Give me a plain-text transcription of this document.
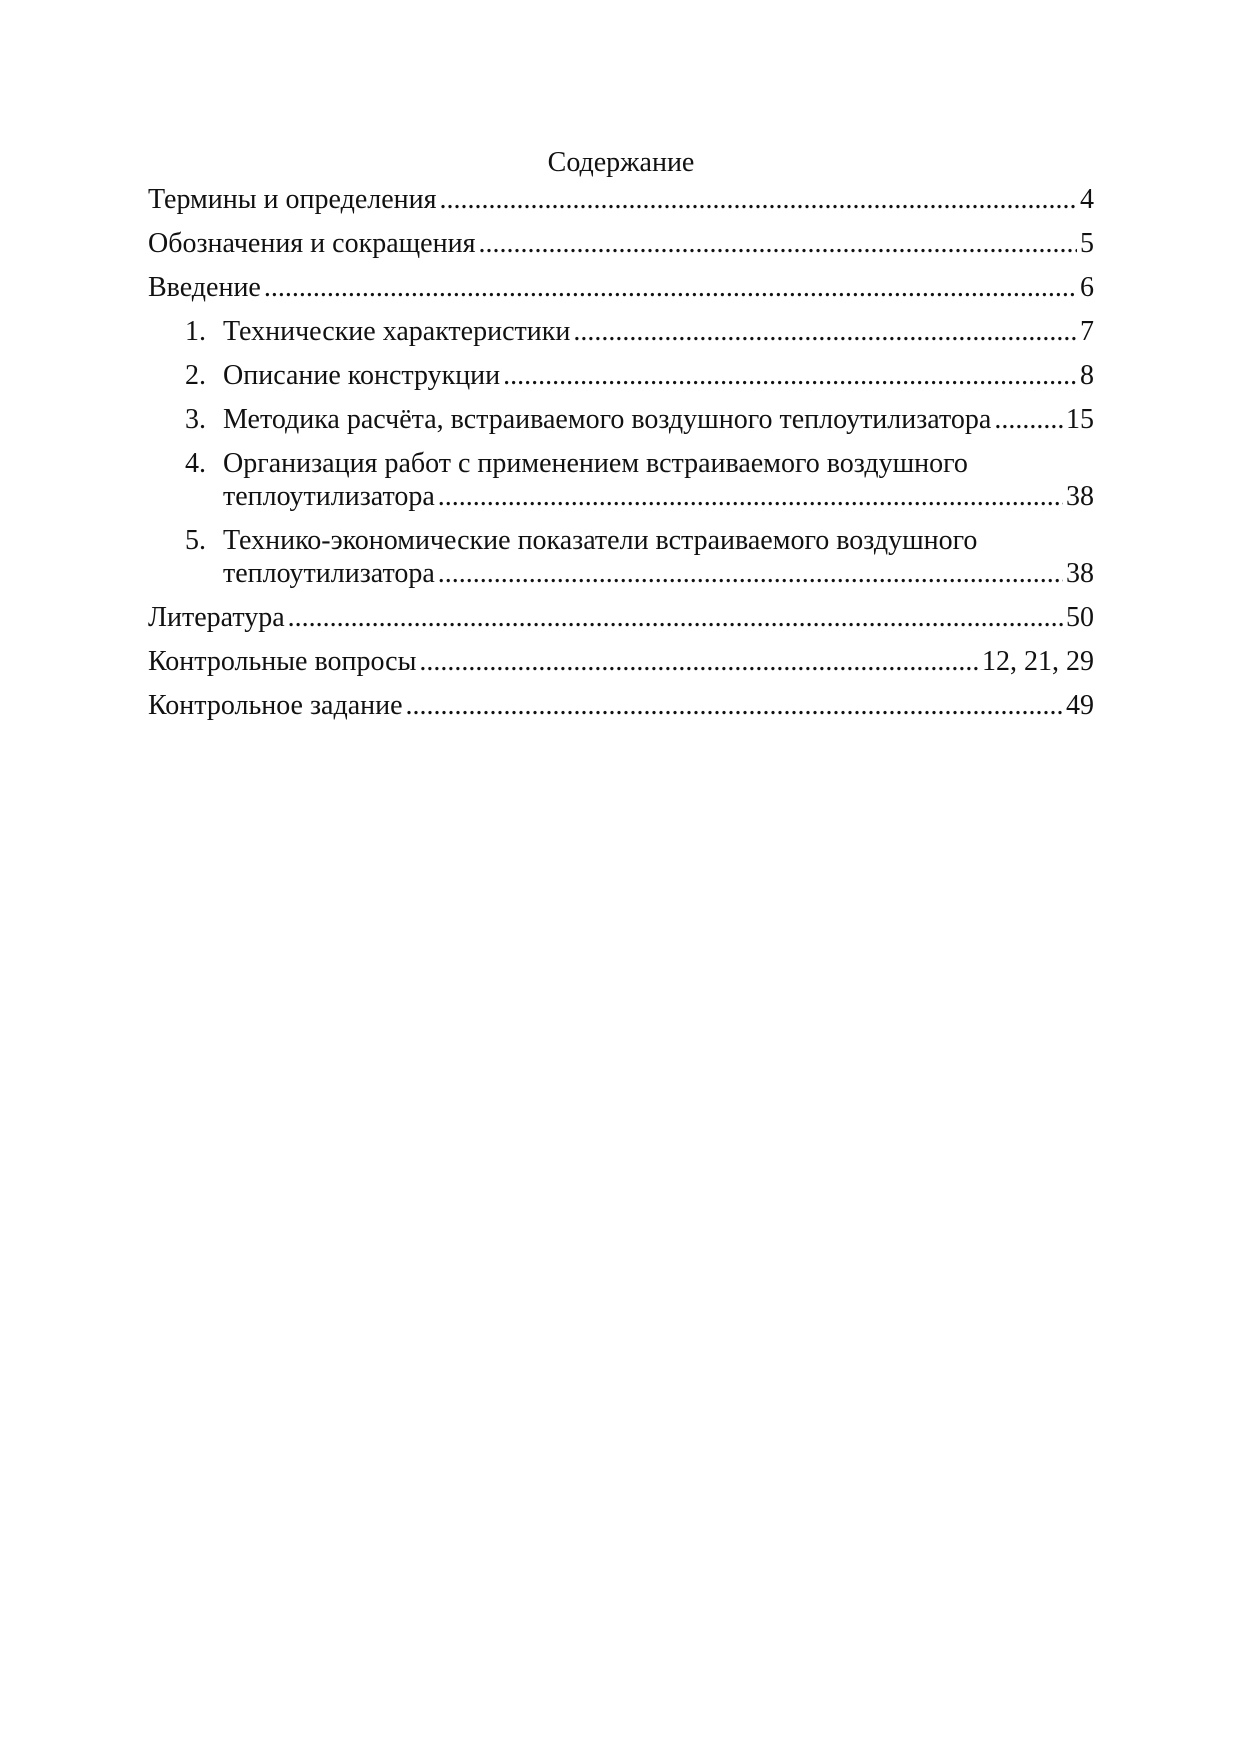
Содержание
Термины и определения .....	4
Обозначения и сокращения .....	5
Введение .....	6
1. Технические характеристики .....	7
2. Описание конструкции .....	8
3. Методика расчёта, встраиваемого воздушного теплоутилизатора .....	15
4. Организация работ с применением встраиваемого воздушного
теплоутилизатора .....	38
5. Технико-экономические показатели встраиваемого воздушного
теплоутилизатора .....	38
Литература .....	50
Контрольные вопросы .....	12, 21, 29
Контрольное задание .....	49
